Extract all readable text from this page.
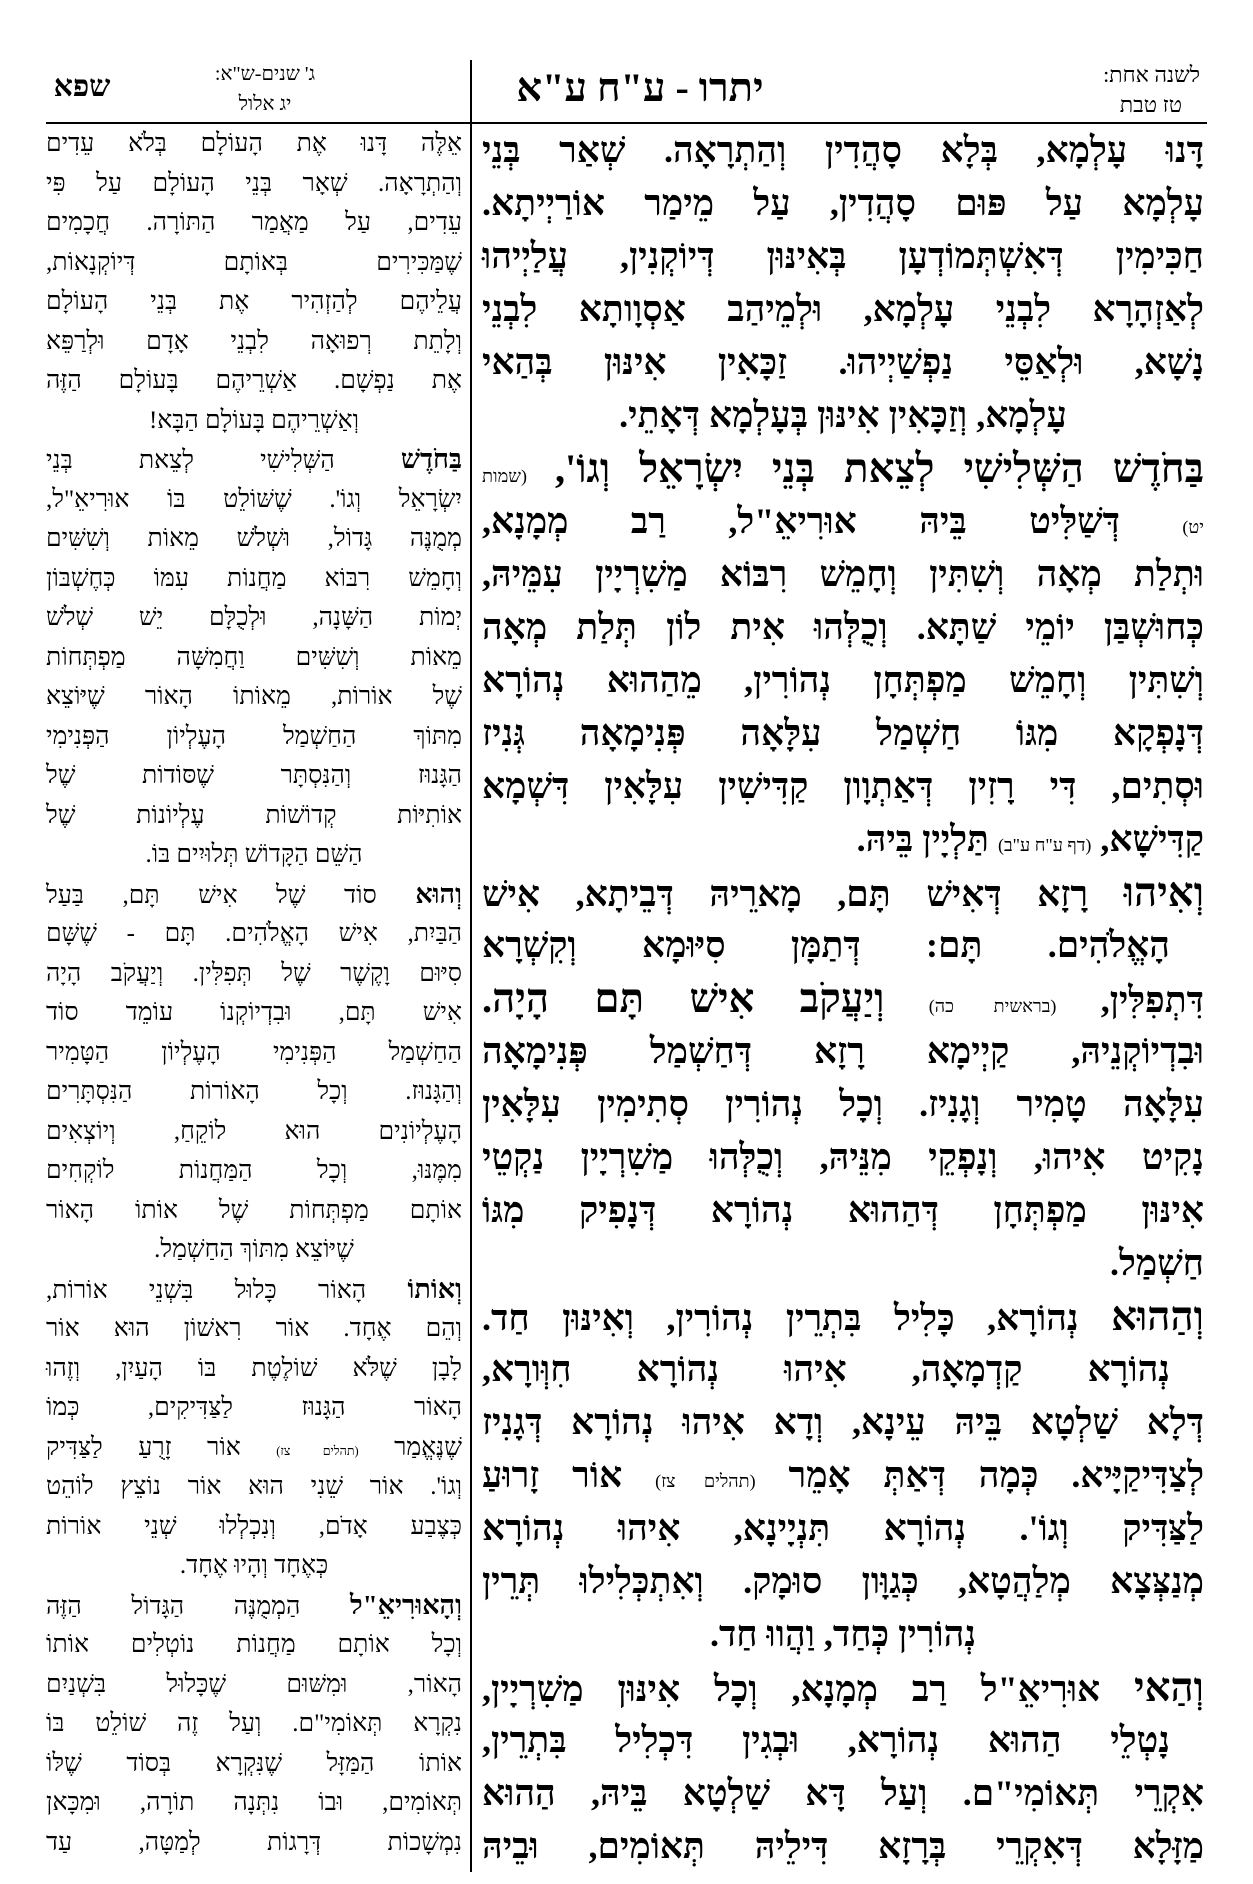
לשנה אחת:
טז טבת
יתרו - ע"ח ע"א
ג' שנים-ש"א:
יג אלול
שפא
דָּנוּ עָלְמָא, בְּלָא סָהֲדִין וְהַתְרָאָה. שְׁאַר בְּנֵי
עָלְמָא עַל פּוּם סָהֲדִין, עַל מֵימַר אוֹרַיְיתָא.
חַכִּימִין דְּאִשְׁתְּמוֹדְעָן בְּאִינּוּן דְּיוֹקְנִין, עֲלַיְיהוּ
לְאַזְהָרָא לִבְנֵי עָלְמָא, וּלְמֵיהַב אַסְוָותָא לִבְנֵי
נָשָׁא, וּלְאַסֵּי נַפְשַׁיְיהוּ. זַכָּאִין אִינּוּן בְּהַאי
עָלְמָא, וְזַכָּאִין אִינּוּן בְּעָלְמָא דְּאָתֵי.
בַּחֹדֶשׁ הַשְּׁלִישִׁי לְצֵאת בְּנֵי יִשְׂרָאֵל וְגוֹ', (שמות
יט) דְּשַׁלִּיט בֵּיהּ אוּרִיאֵ"ל, רַב מְמָנָא,
וּתְלַת מְאָה וְשִׁתִּין וְחָמֵשׁ רִבּוֹא מַשִׁרְיָין עִמֵּיהּ,
כְּחוּשְׁבַּן יוֹמֵי שַׁתָּא. וְכֻלְּהוּ אִית לוֹן תְּלַת מְאָה
וְשִׁתִּין וְחָמֵשׁ מַפְתְּחָן נְהוֹרִין, מֵהַהוּא נְהוֹרָא
דְּנָפְקָא מִגּוֹ חַשְׁמַל עִלָּאָה פְּנִימָאָה גְּנִיז
וּסְתִים, דִּי רָזִין דְּאַתְוָון קַדִּישִׁין עִלָּאִין דִּשְׁמָא
קַדִּישָׁא, (דף ע"ח ע"ב) תַּלְיָין בֵּיהּ.
וְאִיהוּ רָזָא דְּאִישׁ תָּם, מָארֵיהּ דְּבֵיתָא, אִישׁ
הָאֱלֹהִים. תָּם: דְּתַמָּן סִיּוּמָא וְקִשְׁרָא
דִּתְפִלִּין, (בראשית כה) וְיַעֲקֹב אִישׁ תָּם הָיָה.
וּבִדְיוֹקְנֵיהּ, קַיְימָא רָזָא דְּחַשְׁמַל פְּנִימָאָה
עִלָּאָה טָמִיר וְגָנִיז. וְכָל נְהוֹרִין סְתִימִין עִלָּאִין
נָקִיט אִיהוּ, וְנָפְקֵי מִנֵּיהּ, וְכֻלְּהוּ מַשִׁרְיָין נַקְטֵי
אִינּוּן מַפְתְּחָן דְּהַהוּא נְהוֹרָא דְּנָפִיק מִגּוֹ
חַשְׁמַל.
וְהַהוּא נְהוֹרָא, כָּלִיל בִּתְרֵין נְהוֹרִין, וְאִינּוּן חַד.
נְהוֹרָא קַדְמָאָה, אִיהוּ נְהוֹרָא חִוְּורָא,
דְּלָא שַׁלְטָא בֵּיהּ עֵינָא, וְדָא אִיהוּ נְהוֹרָא דְּגָנִיז
לְצַדִּיקַיָּיא. כְּמָה דְּאַתְּ אָמֵר (תהלים צז) אוֹר זָרוּעַ
לַצַּדִּיק וְגוֹ'. נְהוֹרָא תִּנְיָינָא, אִיהוּ נְהוֹרָא
מְנַצְּצָא מְלַהֲטָא, כְּגַוָּון סוּמָק. וְאִתְכְּלִילוּ תְּרֵין
נְהוֹרִין כְּחַד, וַהֲווּ חַד.
וְהַאי אוּרִיאֵ"ל רַב מְמָנָא, וְכָל אִינּוּן מַשִׁרְיָין,
נָטְלֵי הַהוּא נְהוֹרָא, וּבְגִין דִּכְלִיל בִּתְרֵין,
אִקְרֵי תְּאוֹמִי"ם. וְעַל דָּא שַׁלְטָא בֵּיהּ, הַהוּא
מַזָּלָא דְּאִקְרֵי בְּרָזָא דִּילֵיהּ תְּאוֹמִים, וּבֵיהּ
אֵלֶּה דָּנוּ אֶת הָעוֹלָם בְּלֹא עֵדִים
וְהַתְרָאָה. שְׁאָר בְּנֵי הָעוֹלָם עַל פִּי
עֵדִים, עַל מַאֲמַר הַתּוֹרָה. חֲכָמִים
שֶׁמַּכִּירִים בְּאוֹתָם דְּיוֹקְנָאוֹת,
עֲלֵיהֶם לְהַזְהִיר אֶת בְּנֵי הָעוֹלָם
וְלָתֵת רְפוּאָה לִבְנֵי אָדָם וּלְרַפֵּא
אֶת נַפְשָׁם. אַשְׁרֵיהֶם בָּעוֹלָם הַזֶּה
וְאַשְׁרֵיהֶם בָּעוֹלָם הַבָּא!
בַּחֹדֶשׁ הַשְּׁלִישִׁי לְצֵאת בְּנֵי
יִשְׂרָאֵל וְגוֹ'. שֶׁשּׁוֹלֵט בּוֹ אוּרִיאֵ"ל,
מְמֻנֶּה גָּדוֹל, וּשְׁלֹשׁ מֵאוֹת וְשִׁשִּׁים
וְחָמֵשׁ רִבּוֹא מַחֲנוֹת עִמּוֹ כְּחֶשְׁבּוֹן
יְמוֹת הַשָּׁנָה, וּלְכֻלָּם יֵשׁ שְׁלֹשׁ
מֵאוֹת וְשִׁשִּׁים וַחֲמִשָּׁה מַפְתְּחוֹת
שֶׁל אוֹרוֹת, מֵאוֹתוֹ הָאוֹר שֶׁיּוֹצֵא
מִתּוֹךְ הַחַשְׁמַל הָעֶלְיוֹן הַפְּנִימִי
הַגָּנוּז וְהַנִּסְתָּר שֶׁסּוֹדוֹת שֶׁל
אוֹתִיּוֹת קְדוֹשׁוֹת עֶלְיוֹנוֹת שֶׁל
הַשֵּׁם הַקָּדוֹשׁ תְּלוּיִים בּוֹ.
וְהוּא סוֹד שֶׁל אִישׁ תָּם, בַּעַל
הַבַּיִת, אִישׁ הָאֱלֹהִים. תָּם - שֶׁשָּׁם
סִיּוּם וָקֶשֶׁר שֶׁל תְּפִלִּין. וְיַעֲקֹב הָיָה
אִישׁ תָּם, וּבִדְיוֹקְנוֹ עוֹמֵד סוֹד
הַחַשְׁמַל הַפְּנִימִי הָעֶלְיוֹן הַטָּמִיר
וְהַגָּנוּז. וְכָל הָאוֹרוֹת הַנִּסְתָּרִים
הָעֶלְיוֹנִים הוּא לוֹקֵחַ, וְיוֹצְאִים
מִמֶּנּוּ, וְכָל הַמַּחֲנוֹת לוֹקְחִים
אוֹתָם מַפְתְּחוֹת שֶׁל אוֹתוֹ הָאוֹר
שֶׁיּוֹצֵא מִתּוֹךְ הַחַשְׁמַל.
וְאוֹתוֹ הָאוֹר כָּלוּל בִּשְׁנֵי אוֹרוֹת,
וְהֵם אֶחָד. אוֹר רִאשׁוֹן הוּא אוֹר
לָבָן שֶׁלֹּא שׁוֹלֶטֶת בּוֹ הָעַיִן, וְזֶהוּ
הָאוֹר הַגָּנוּז לַצַּדִּיקִים, כְּמוֹ
שֶׁנֶּאֱמַר (תהלים צז) אוֹר זָרֻעַ לַצַּדִּיק
וְגוֹ'. אוֹר שֵׁנִי הוּא אוֹר נוֹצֵץ לוֹהֵט
כְּצֶבַע אָדֹם, וְנִכְלְלוּ שְׁנֵי אוֹרוֹת
כְּאֶחָד וְהָיוּ אֶחָד.
וְהָאוּרִיאֵ"ל הַמְמֻנֶּה הַגָּדוֹל הַזֶּה
וְכָל אוֹתָם מַחֲנוֹת נוֹטְלִים אוֹתוֹ
הָאוֹר, וּמִשּׁוּם שֶׁכָּלוּל בִּשְׁנַיִם
נִקְרָא תְּאוֹמִי"ם. וְעַל זֶה שׁוֹלֵט בּוֹ
אוֹתוֹ הַמַּזָּל שֶׁנִּקְרָא בְּסוֹד שֶׁלּוֹ
תְּאוֹמִים, וּבוֹ נִתְּנָה תוֹרָה, וּמִכָּאן
נִמְשָׁכוֹת דְּרָגוֹת לְמַטָּה, עַד
